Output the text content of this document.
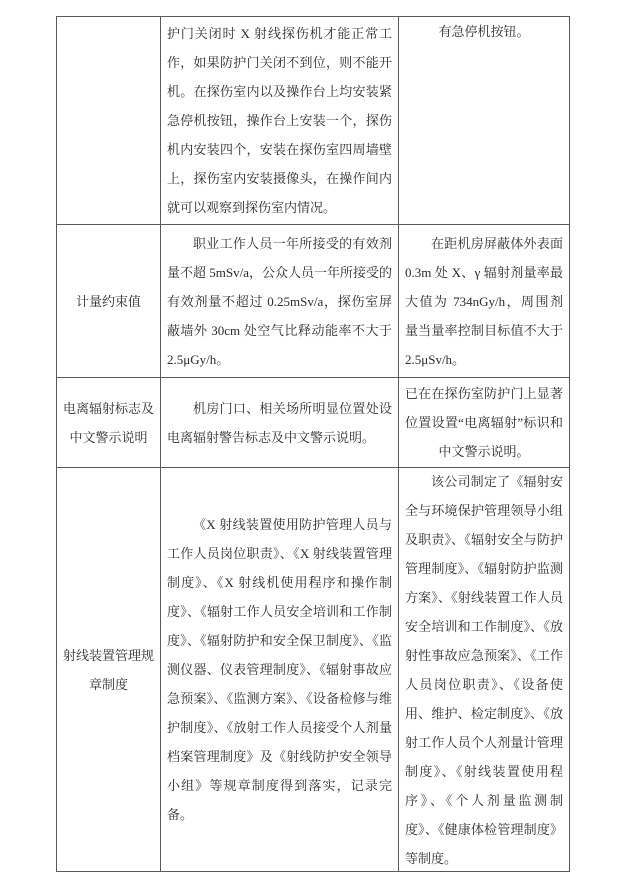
护门关闭时 X 射线探伤机才能正常工作，如果防护门关闭不到位，则不能开机。在探伤室内以及操作台上均安装紧急停机按钮，操作台上安装一个，探伤机内安装四个，安装在探伤室四周墙壁上，探伤室内安装摄像头，在操作间内就可以观察到探伤室内情况。

有急停机按钮。

计量约束值

职业工作人员一年所接受的有效剂量不超 5mSv/a，公众人员一年所接受的有效剂量不超过 0.25mSv/a，探伤室屏蔽墙外 30cm 处空气比释动能率不大于 2.5μGy/h。

在距机房屏蔽体外表面 0.3m 处 X、γ 辐射剂量率最大值为 734nGy/h，周围剂量当量率控制目标值不大于 2.5μSv/h。

电离辐射标志及中文警示说明

机房门口、相关场所明显位置处设电离辐射警告标志及中文警示说明。

已在在探伤室防护门上显著位置设置“电离辐射”标识和中文警示说明。

射线装置管理规章制度

《X 射线装置使用防护管理人员与工作人员岗位职责》、《X 射线装置管理制度》、《X 射线机使用程序和操作制度》、《辐射工作人员安全培训和工作制度》、《辐射防护和安全保卫制度》、《监测仪器、仪表管理制度》、《辐射事故应急预案》、《监测方案》、《设备检修与维护制度》、《放射工作人员接受个人剂量档案管理制度》及《射线防护安全领导小组》等规章制度得到落实，记录完备。

该公司制定了《辐射安全与环境保护管理领导小组及职责》、《辐射安全与防护管理制度》、《辐射防护监测方案》、《射线装置工作人员安全培训和工作制度》、《放射性事故应急预案》、《工作人员岗位职责》、《设备使用、维护、检定制度》、《放射工作人员个人剂量计管理制度》、《射线装置使用程序》、《个人剂量监测制度》、《健康体检管理制度》等制度。
